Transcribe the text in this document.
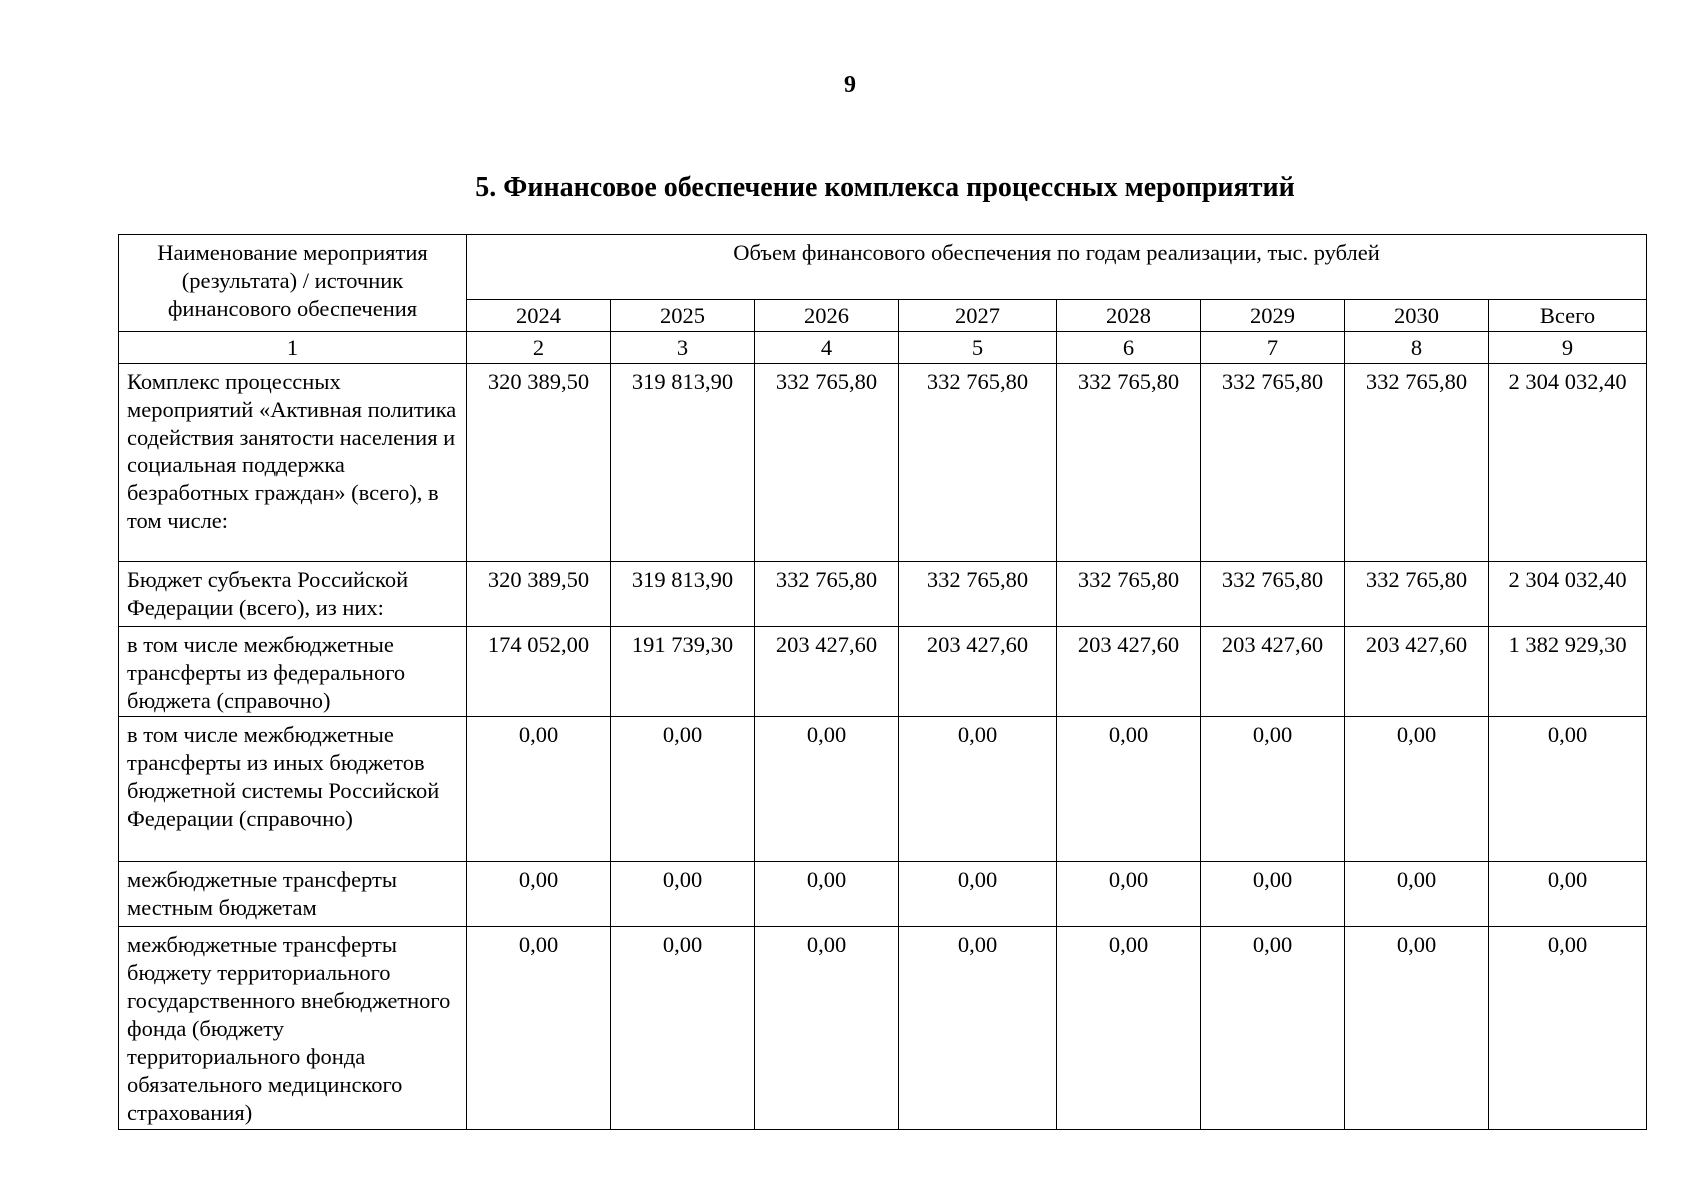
9
5. Финансовое обеспечение комплекса процессных мероприятий
Наименование мероприятия (результата) / источник финансового обеспечения	Объем финансового обеспечения по годам реализации, тыс. рублей							
	2024	2025	2026	2027	2028	2029	2030	Всего
1	2	3	4	5	6	7	8	9
Комплекс процессных мероприятий «Активная политика содействия занятости населения и социальная поддержка безработных граждан» (всего), в том числе:	320 389,50	319 813,90	332 765,80	332 765,80	332 765,80	332 765,80	332 765,80	2 304 032,40
Бюджет субъекта Российской Федерации (всего), из них:	320 389,50	319 813,90	332 765,80	332 765,80	332 765,80	332 765,80	332 765,80	2 304 032,40
в том числе межбюджетные трансферты из федерального бюджета (справочно)	174 052,00	191 739,30	203 427,60	203 427,60	203 427,60	203 427,60	203 427,60	1 382 929,30
в том числе межбюджетные трансферты из иных бюджетов бюджетной системы Российской Федерации (справочно)	0,00	0,00	0,00	0,00	0,00	0,00	0,00	0,00
межбюджетные трансферты местным бюджетам	0,00	0,00	0,00	0,00	0,00	0,00	0,00	0,00
межбюджетные трансферты бюджету территориального государственного внебюджетного фонда (бюджету территориального фонда обязательного медицинского страхования)	0,00	0,00	0,00	0,00	0,00	0,00	0,00	0,00
